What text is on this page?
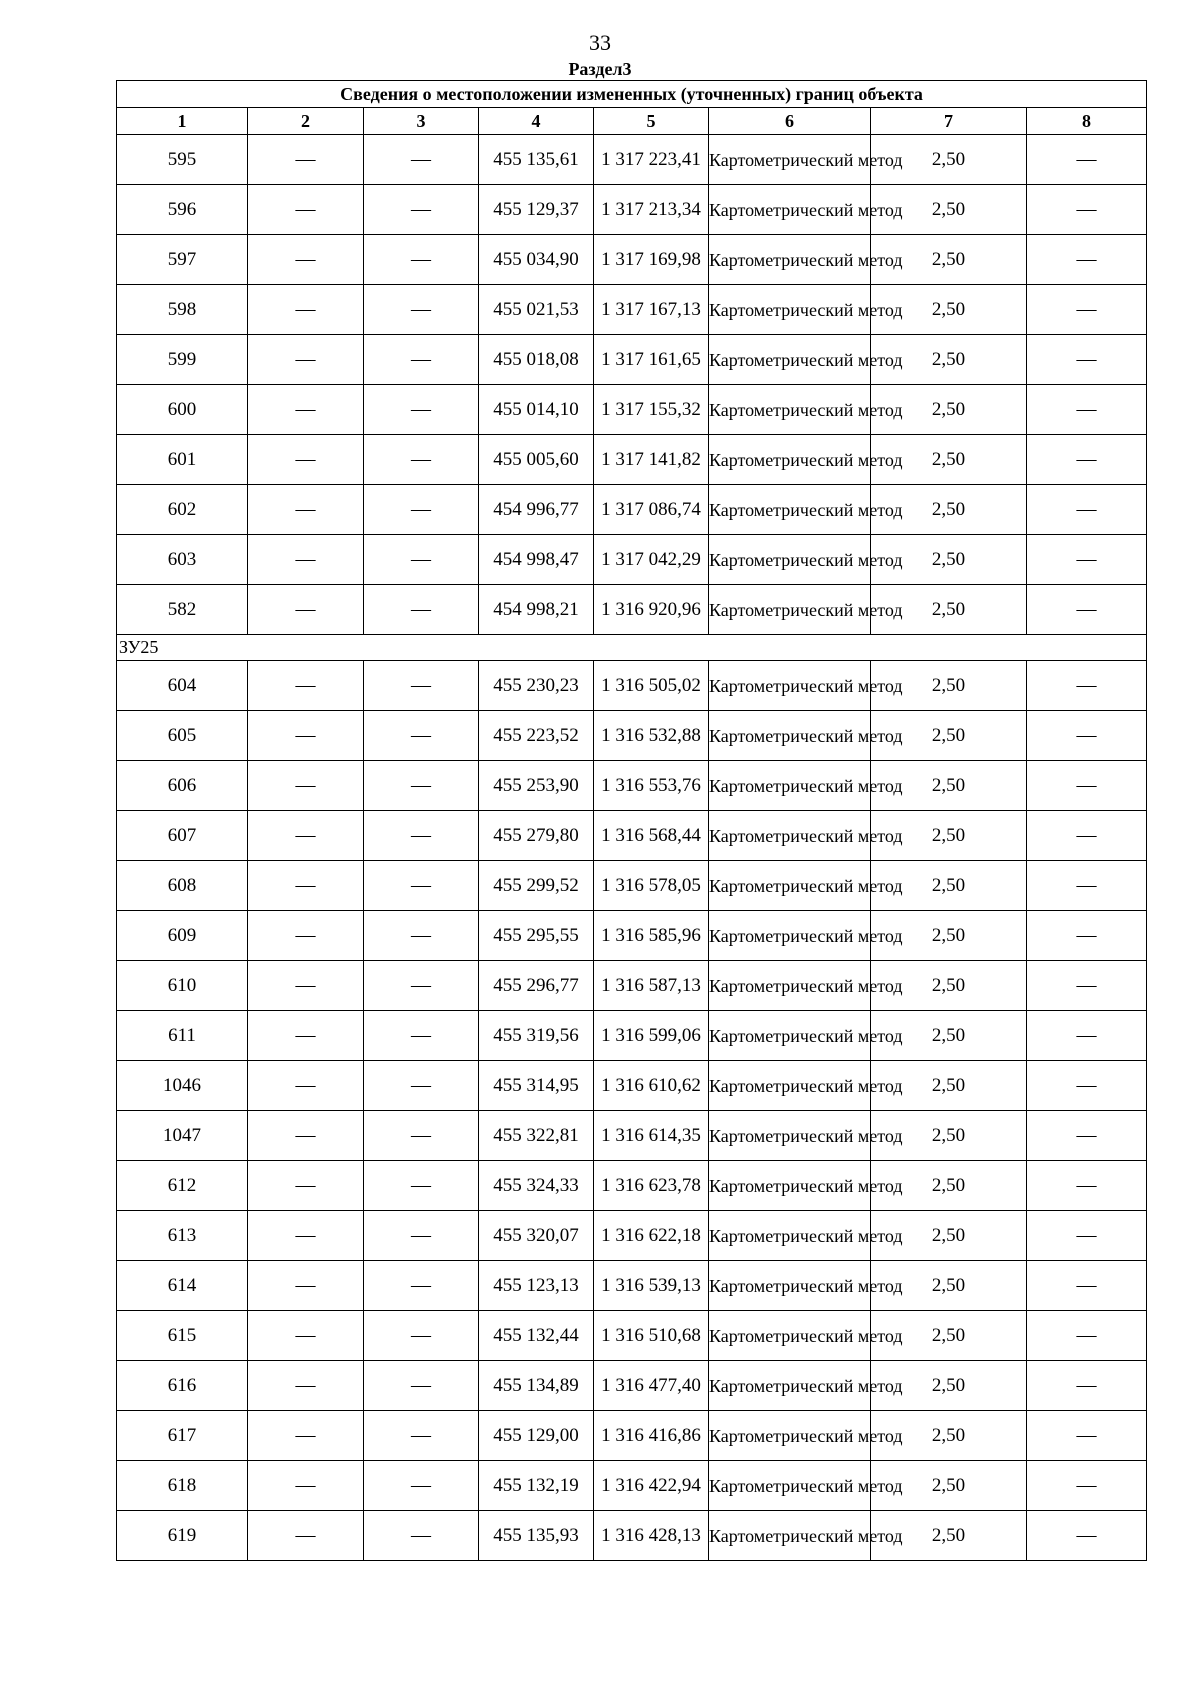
33
Раздел3
Сведения о местоположении измененных (уточненных) границ объекта							
1	2	3	4	5	6	7	8
595	—	—	455 135,61	1 317 223,41	Картометрический метод	2,50	—
596	—	—	455 129,37	1 317 213,34	Картометрический метод	2,50	—
597	—	—	455 034,90	1 317 169,98	Картометрический метод	2,50	—
598	—	—	455 021,53	1 317 167,13	Картометрический метод	2,50	—
599	—	—	455 018,08	1 317 161,65	Картометрический метод	2,50	—
600	—	—	455 014,10	1 317 155,32	Картометрический метод	2,50	—
601	—	—	455 005,60	1 317 141,82	Картометрический метод	2,50	—
602	—	—	454 996,77	1 317 086,74	Картометрический метод	2,50	—
603	—	—	454 998,47	1 317 042,29	Картометрический метод	2,50	—
582	—	—	454 998,21	1 316 920,96	Картометрический метод	2,50	—
ЗУ25							
604	—	—	455 230,23	1 316 505,02	Картометрический метод	2,50	—
605	—	—	455 223,52	1 316 532,88	Картометрический метод	2,50	—
606	—	—	455 253,90	1 316 553,76	Картометрический метод	2,50	—
607	—	—	455 279,80	1 316 568,44	Картометрический метод	2,50	—
608	—	—	455 299,52	1 316 578,05	Картометрический метод	2,50	—
609	—	—	455 295,55	1 316 585,96	Картометрический метод	2,50	—
610	—	—	455 296,77	1 316 587,13	Картометрический метод	2,50	—
611	—	—	455 319,56	1 316 599,06	Картометрический метод	2,50	—
1046	—	—	455 314,95	1 316 610,62	Картометрический метод	2,50	—
1047	—	—	455 322,81	1 316 614,35	Картометрический метод	2,50	—
612	—	—	455 324,33	1 316 623,78	Картометрический метод	2,50	—
613	—	—	455 320,07	1 316 622,18	Картометрический метод	2,50	—
614	—	—	455 123,13	1 316 539,13	Картометрический метод	2,50	—
615	—	—	455 132,44	1 316 510,68	Картометрический метод	2,50	—
616	—	—	455 134,89	1 316 477,40	Картометрический метод	2,50	—
617	—	—	455 129,00	1 316 416,86	Картометрический метод	2,50	—
618	—	—	455 132,19	1 316 422,94	Картометрический метод	2,50	—
619	—	—	455 135,93	1 316 428,13	Картометрический метод	2,50	—
